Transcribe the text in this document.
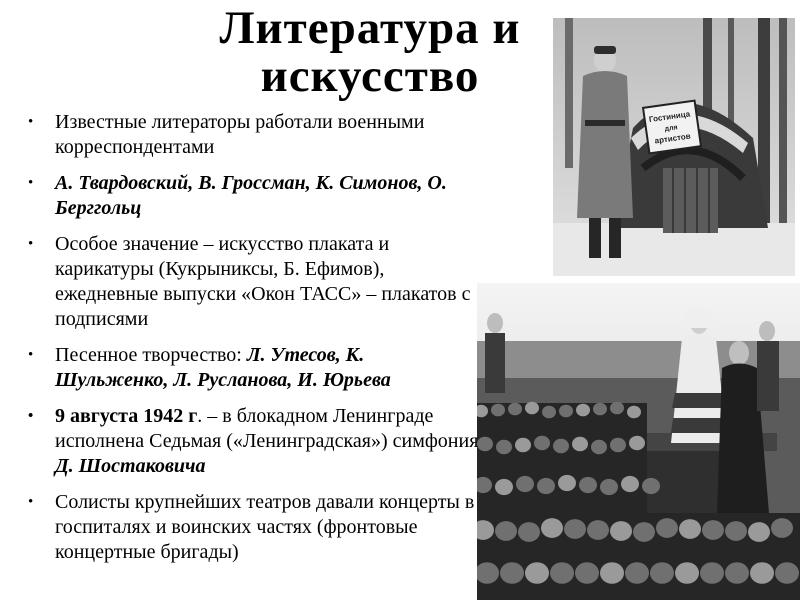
Гостиница
для
артистов
Литература и
искусство
• Известные литераторы работали военными корреспондентами
• А. Твардовский, В. Гроссман, К. Симонов, О. Берггольц
• Особое значение – искусство плаката и карикатуры (Кукрыниксы, Б. Ефимов), ежедневные выпуски «Окон ТАСС» – плакатов с подписями
• Песенное творчество: Л. Утесов, К. Шульженко, Л. Русланова, И. Юрьева
• 9 августа 1942 г. – в блокадном Ленинграде исполнена Седьмая («Ленинградская») симфония Д. Шостаковича
• Солисты крупнейших театров давали концерты в госпиталях и воинских частях (фронтовые концертные бригады)
